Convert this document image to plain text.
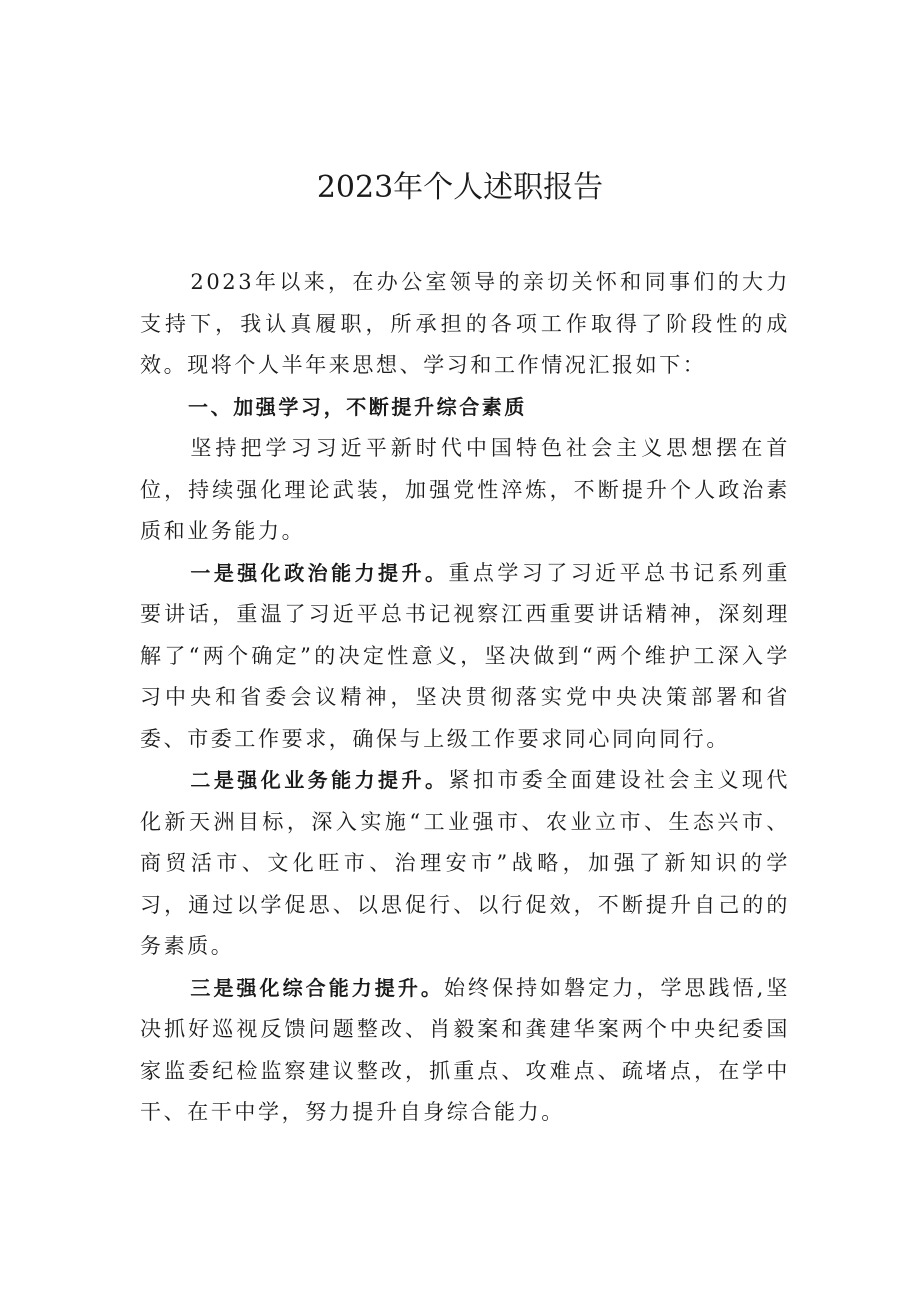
2023年个人述职报告

2023年以来，在办公室领导的亲切关怀和同事们的大力支持下，我认真履职，所承担的各项工作取得了阶段性的成效。现将个人半年来思想、学习和工作情况汇报如下：

一、加强学习，不断提升综合素质

坚持把学习习近平新时代中国特色社会主义思想摆在首位，持续强化理论武装，加强党性淬炼，不断提升个人政治素质和业务能力。

一是强化政治能力提升。重点学习了习近平总书记系列重要讲话，重温了习近平总书记视察江西重要讲话精神，深刻理解了“两个确定”的决定性意义，坚决做到“两个维护工深入学习中央和省委会议精神，坚决贯彻落实党中央决策部署和省委、市委工作要求，确保与上级工作要求同心同向同行。

二是强化业务能力提升。紧扣市委全面建设社会主义现代化新天洲目标，深入实施“工业强市、农业立市、生态兴市、商贸活市、文化旺市、治理安市”战略，加强了新知识的学习，通过以学促思、以思促行、以行促效，不断提升自己的的务素质。

三是强化综合能力提升。始终保持如磐定力，学思践悟,坚决抓好巡视反馈问题整改、肖毅案和龚建华案两个中央纪委国家监委纪检监察建议整改，抓重点、攻难点、疏堵点，在学中干、在干中学，努力提升自身综合能力。
